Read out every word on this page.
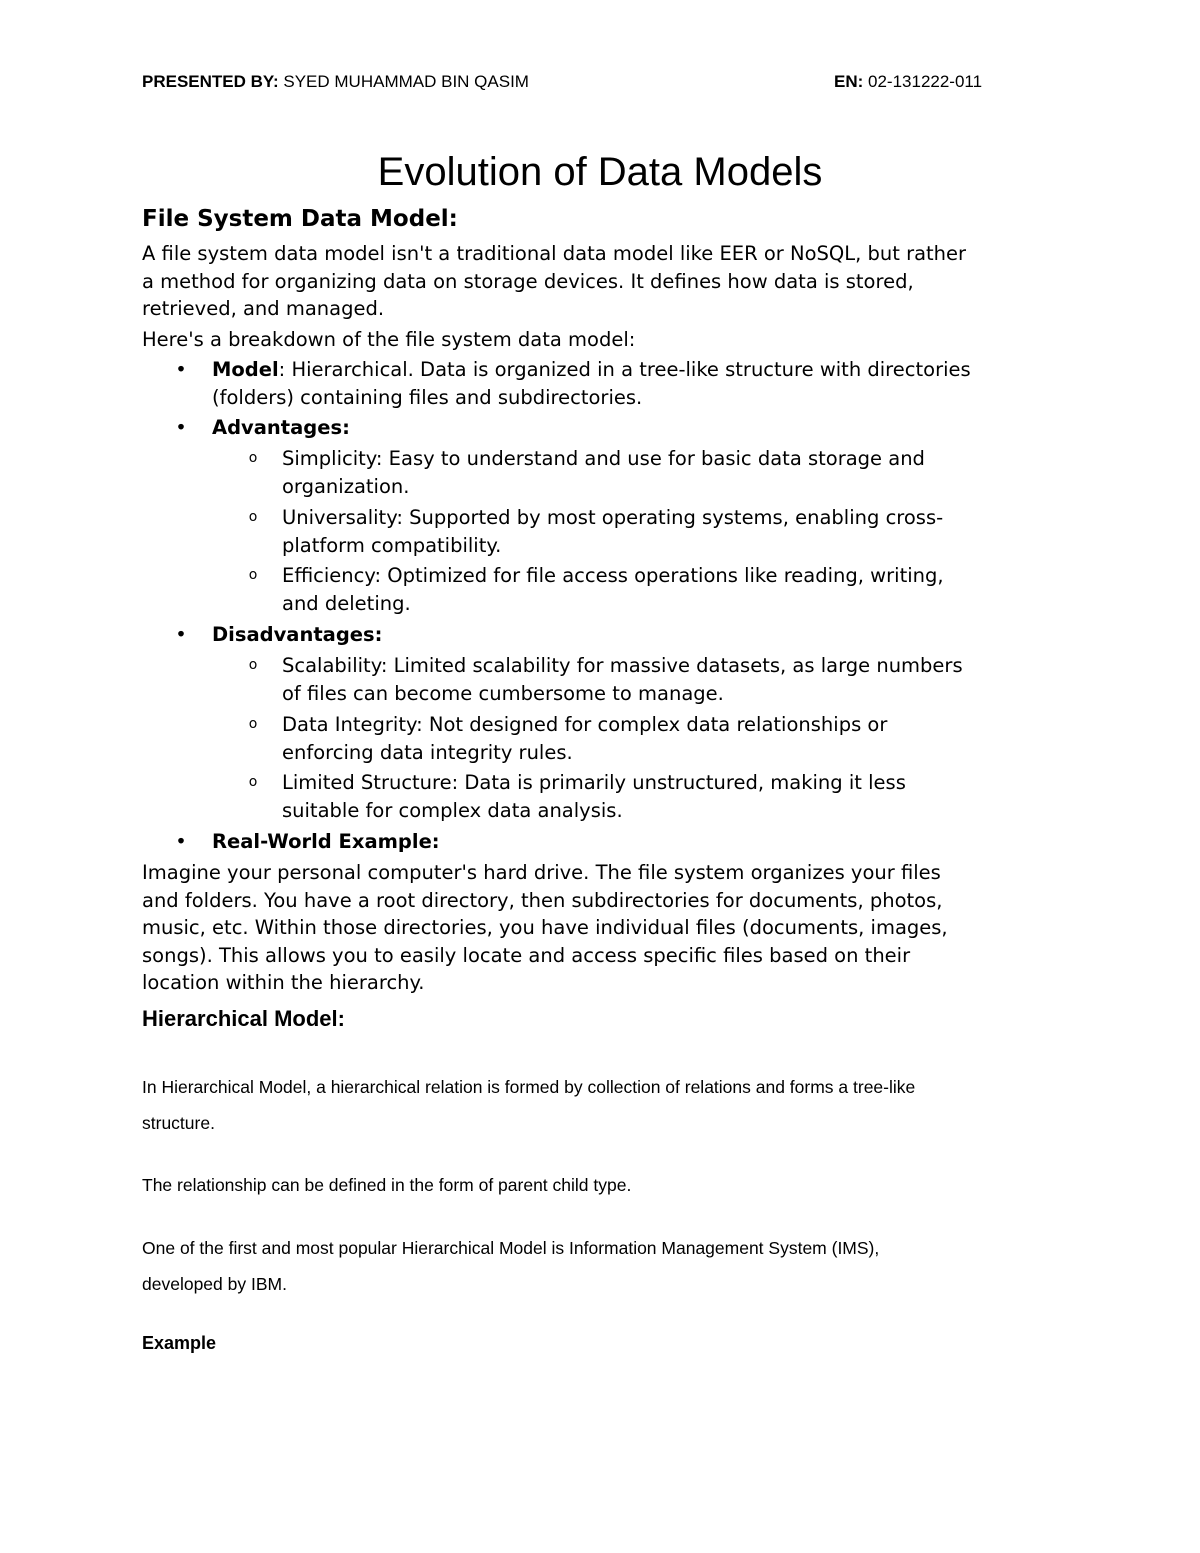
PRESENTED BY: SYED MUHAMMAD BIN QASIM	EN: 02-131222-011
Evolution of Data Models
File System Data Model:
A file system data model isn't a traditional data model like EER or NoSQL, but rather
a method for organizing data on storage devices. It defines how data is stored,
retrieved, and managed.
Here's a breakdown of the file system data model:
• Model: Hierarchical. Data is organized in a tree-like structure with directories
(folders) containing files and subdirectories.
• Advantages:
o Simplicity: Easy to understand and use for basic data storage and
organization.
o Universality: Supported by most operating systems, enabling cross-
platform compatibility.
o Efficiency: Optimized for file access operations like reading, writing,
and deleting.
• Disadvantages:
o Scalability: Limited scalability for massive datasets, as large numbers
of files can become cumbersome to manage.
o Data Integrity: Not designed for complex data relationships or
enforcing data integrity rules.
o Limited Structure: Data is primarily unstructured, making it less
suitable for complex data analysis.
• Real-World Example:
Imagine your personal computer's hard drive. The file system organizes your files
and folders. You have a root directory, then subdirectories for documents, photos,
music, etc. Within those directories, you have individual files (documents, images,
songs). This allows you to easily locate and access specific files based on their
location within the hierarchy.
Hierarchical Model:
In Hierarchical Model, a hierarchical relation is formed by collection of relations and forms a tree-like
structure.
The relationship can be defined in the form of parent child type.
One of the first and most popular Hierarchical Model is Information Management System (IMS),
developed by IBM.
Example
